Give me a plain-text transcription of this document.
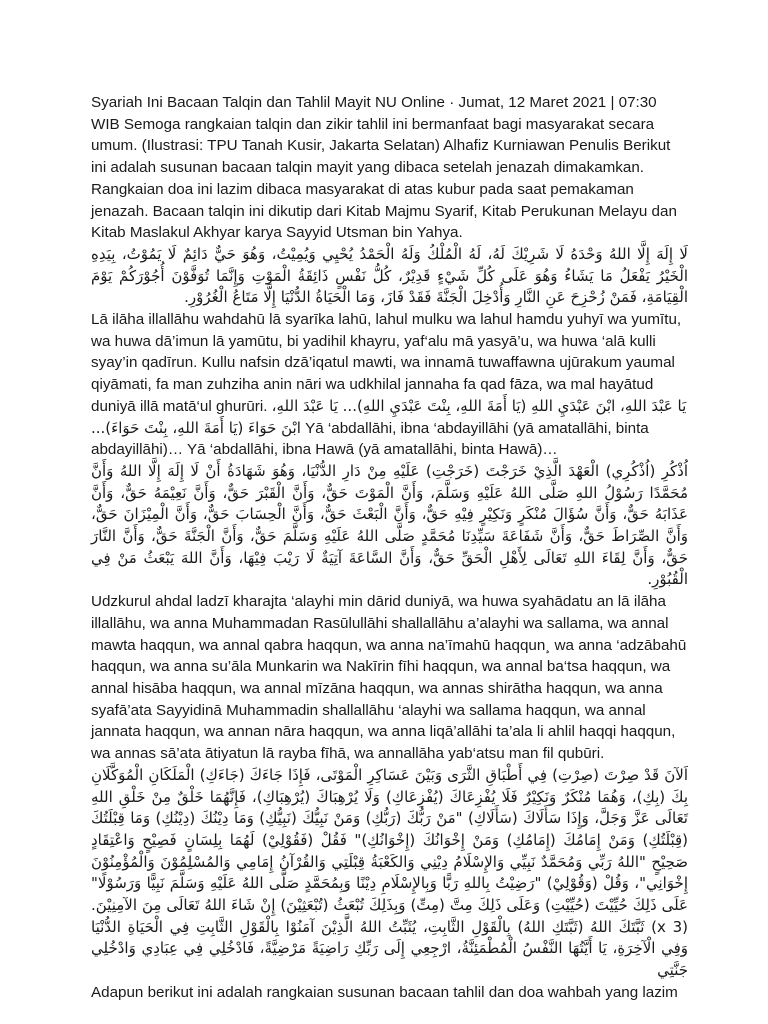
Syariah Ini Bacaan Talqin dan Tahlil Mayit NU Online · Jumat, 12 Maret 2021 | 07:30 WIB Semoga rangkaian talqin dan zikir tahlil ini bermanfaat bagi masyarakat secara umum. (Ilustrasi: TPU Tanah Kusir, Jakarta Selatan) Alhafiz Kurniawan Penulis Berikut ini adalah susunan bacaan talqin mayit yang dibaca setelah jenazah dimakamkan. Rangkaian doa ini lazim dibaca masyarakat di atas kubur pada saat pemakaman jenazah. Bacaan talqin ini dikutip dari Kitab Majmu Syarif, Kitab Perukunan Melayu dan Kitab Maslakul Akhyar karya Sayyid Utsman bin Yahya.

لَا إِلَهَ إِلَّا اللهُ وَحْدَهُ لَا شَرِيْكَ لَهُ، لَهُ الْمُلْكُ وَلَهُ الْحَمْدُ يُحْيِي وَيُمِيْتُ، وَهُوَ حَيٌّ دَائِمٌ لَا يَمُوْتُ، بِيَدِهِ الْخَيْرُ يَفْعَلُ مَا يَشَاءُ وَهُوَ عَلَى كُلِّ شَيْءٍ قَدِيْرٌ، كُلُّ نَفْسٍ ذَائِقَةُ الْمَوْتِ وَإِنَّمَا تُوَفَّوْنَ أُجُوْرَكُمْ يَوْمَ الْقِيَامَةِ، فَمَنْ زُحْزِحَ عَنِ النَّارِ وَأُدْخِلَ الْجَنَّةَ فَقَدْ فَازَ، وَمَا الْحَيَاةُ الدُّنْيَا إِلَّا مَتَاعُ الْغُرُوْرِ.

Lā ilāha illallāhu wahdahū lā syarīka lahū, lahul mulku wa lahul hamdu yuhyī wa yumītu, wa huwa dā’imun lā yamūtu, bi yadihil khayru, yaf‘alu mā yasyā’u, wa huwa ‘alā kulli syay’in qadīrun. Kullu nafsin dzā’iqatul mawti, wa innamā tuwaffawna ujūrakum yaumal qiyāmati, fa man zuhziha anin nāri wa udkhilal jannaha fa qad fāza, wa mal hayātud duniyā illā matā‘ul ghurūri. يَا عَبْدَ اللهِ، ابْنَ عَبْدَيِ اللهِ (يَا أَمَةَ اللهِ، بِنْتَ عَبْدَيِ اللهِ)... يَا عَبْدَ اللهِ، ابْنَ حَوَاءَ (يَا أَمَةَ اللهِ، بِنْتَ حَوَاءَ)... Yā ‘abdallāhi, ibna ‘abdayillāhi (yā amatallāhi, binta abdayillāhi)… Yā ‘abdallāhi, ibna Hawā (yā amatallāhi, binta Hawā)…

اُذْكُرِ (اُذْكُرِي) الْعَهْدَ الَّذِيْ خَرَجْتَ (خَرَجْتِ) عَلَيْهِ مِنْ دَارِ الدُّنْيَا، وَهُوَ شَهَادَةُ أَنْ لَا إِلَهَ إِلَّا اللهُ وَأَنَّ مُحَمَّدًا رَسُوْلُ اللهِ صَلَّى اللهُ عَلَيْهِ وَسَلَّمَ، وَأَنَّ الْمَوْتَ حَقٌّ، وَأَنَّ الْقَبْرَ حَقٌّ، وَأَنَّ نَعِيْمَهُ حَقٌّ، وَأَنَّ عَذَابَهُ حَقٌّ، وَأَنَّ سُؤَالَ مُنْكَرٍ وَنَكِيْرٍ فِيْهِ حَقٌّ، وَأَنَّ الْبَعْثَ حَقٌّ، وَأَنَّ الْحِسَابَ حَقٌّ، وَأَنَّ الْمِيْزَانَ حَقٌّ، وَأَنَّ الصِّرَاطَ حَقٌّ، وَأَنَّ شَفَاعَةَ سَيِّدِنَا مُحَمَّدٍ صَلَّى اللهُ عَلَيْهِ وَسَلَّمَ حَقٌّ، وَأَنَّ الْجَنَّةَ حَقٌّ، وَأَنَّ النَّارَ حَقٌّ، وَأَنَّ لِقَاءَ اللهِ تَعَالَى لِأَهْلِ الْحَقِّ حَقٌّ، وَأَنَّ السَّاعَةَ آتِيَةٌ لَا رَيْبَ فِيْهَا، وَأَنَّ اللهَ يَبْعَثُ مَنْ فِي الْقُبُوْرِ.

Udzkurul ahdal ladzī kharajta ‘alayhi min dārid duniyā, wa huwa syahādatu an lā ilāha illallāhu, wa anna Muhammadan Rasūlullāhi shallallāhu a’alayhi wa sallama, wa annal mawta haqqun, wa annal qabra haqqun, wa anna na’īmahū haqqun¸ wa anna ‘adzābahū haqqun, wa anna su’āla Munkarin wa Nakīrin fīhi haqqun, wa annal ba‘tsa haqqun, wa annal hisāba haqqun, wa annal mīzāna haqqun, wa annas shirātha haqqun, wa anna syafā’ata Sayyidinā Muhammadin shallallāhu ‘alayhi wa sallama haqqun, wa annal jannata haqqun, wa annan nāra haqqun, wa anna liqā’allāhi ta’ala li ahlil haqqi haqqun, wa annas sā’ata ātiyatun lā rayba fīhā, wa annallāha yab‘atsu man fil qubūri.

اَلآنَ قَدْ صِرْتَ (صِرْتِ) فِي أَطْبَاقِ الثَّرَى وَبَيْنَ عَسَاكِرِ الْمَوْتَى، فَإِذَا جَاءَكَ (جَاءَكِ) الْمَلَكَانِ الْمُوَكَّلَانِ بِكَ (بِكِ)، وَهُمَا مُنْكَرٌ وَنَكِيْرٌ فَلَا يُفْزِعَاكَ (يُفْزِعَاكِ) وَلَا يُرْهِبَاكَ (يُرْهِبَاكِ)، فَإِنَّهُمَا خَلْقٌ مِنْ خَلْقِ اللهِ تَعَالَى عَزَّ وَجَلَّ، وَإِذَا سَأَلَاكَ (سَأَلَاكِ) "مَنْ رَبُّكَ (رَبُّكِ) وَمَنْ نَبِيُّكَ (نَبِيُّكِ) وَمَا دِيْنُكَ (دِيْنُكِ) وَمَا قِبْلَتُكَ (قِبْلَتُكِ) وَمَنْ إِمَامُكَ (إِمَامُكِ) وَمَنْ إِخْوَانُكَ (إِخْوَانُكِ)" فَقُلْ (فَقُوْلِيْ) لَهُمَا بِلِسَانٍ فَصِيْحٍ وَاعْتِقَادٍ صَحِيْحٍ "اللهُ رَبِّي وَمُحَمَّدٌ نَبِيِّي وَالإِسْلَامُ دِيْنِي وَالكَعْبَةُ قِبْلَتِي وَالقُرْآنُ إِمَامِي وَالمُسْلِمُوْنَ وَالْمُؤْمِنُوْنَ إِخْوَانِي"، وَقُلْ (وَقُوْلِيْ) "رَضِيْتُ بِاللهِ رَبًّا وَبِالإِسْلَامِ دِيْنًا وَبِمُحَمَّدٍ صَلَّى اللهُ عَلَيْهِ وَسَلَّمَ نَبِيًّا وَرَسُوْلًا" عَلَى ذَلِكَ حُيِّيْتَ (حُيِّيْتِ) وَعَلَى ذَلِكَ مِتَّ (مِتِّ) وَبِذَلِكَ تُبْعَثُ (تُبْعَثِيْنَ) إِنْ شَاءَ اللهُ تَعَالَى مِنَ الآمِنِيْنَ. (3 x) ثَبَّتَكَ اللهُ (ثَبَّتَكِ اللهُ) بِالْقَوْلِ الثَّابِتِ، يُثَبِّتُ اللهُ الَّذِيْنَ آمَنُوْا بِالْقَوْلِ الثَّابِتِ فِي الْحَيَاةِ الدُّنْيَا وَفِي الْآخِرَةِ، يَا أَيَّتُهَا النَّفْسُ الْمُطْمَئِنَّةُ، ارْجِعِي إِلَى رَبِّكِ رَاضِيَةً مَرْضِيَّةً، فَادْخُلِي فِي عِبَادِي وَادْخُلِي جَنَّتِي

Adapun berikut ini adalah rangkaian susunan bacaan tahlil dan doa wahbah yang lazim
